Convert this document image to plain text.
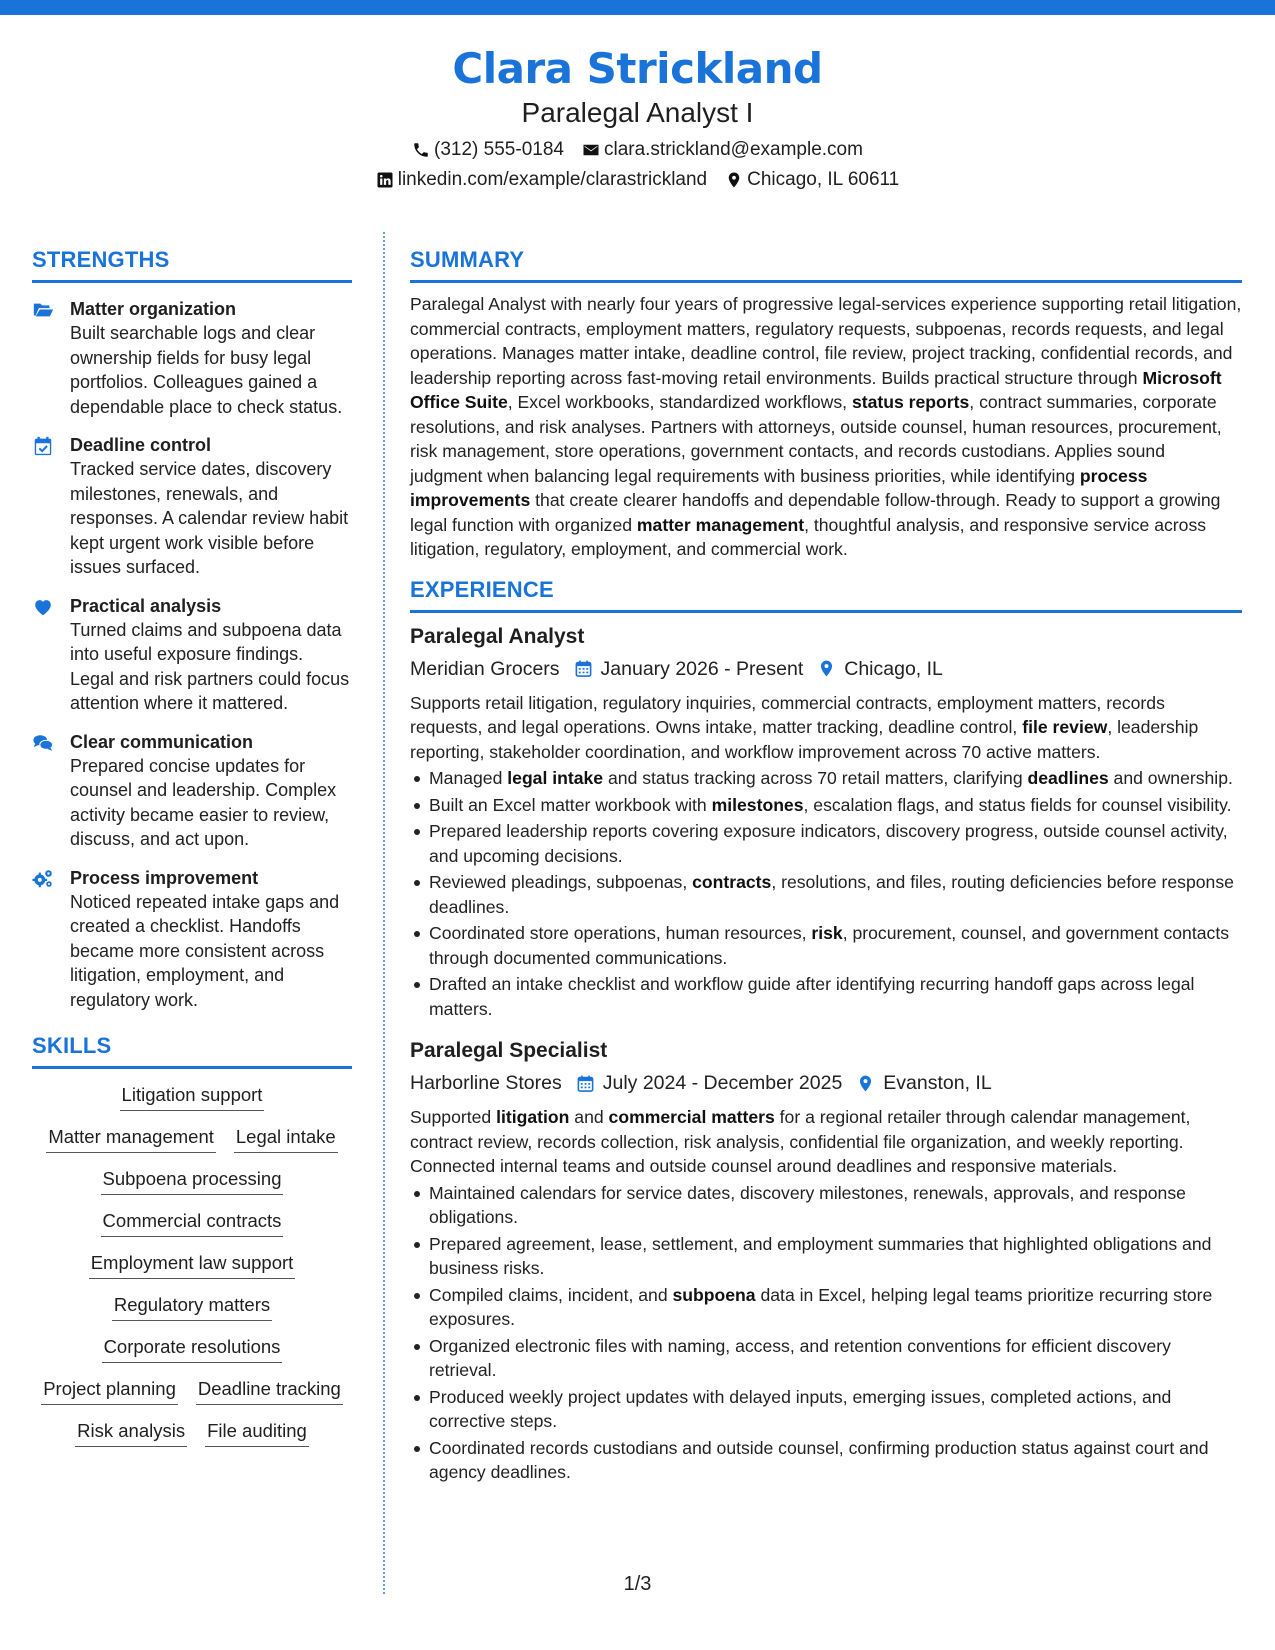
Clara Strickland
Paralegal Analyst I
(312) 555-0184 clara.strickland@example.com
linkedin.com/example/clarastrickland Chicago, IL 60611
STRENGTHS
Matter organization
Built searchable logs and clear ownership fields for busy legal portfolios. Colleagues gained a dependable place to check status.
Deadline control
Tracked service dates, discovery milestones, renewals, and responses. A calendar review habit kept urgent work visible before issues surfaced.
Practical analysis
Turned claims and subpoena data into useful exposure findings. Legal and risk partners could focus attention where it mattered.
Clear communication
Prepared concise updates for counsel and leadership. Complex activity became easier to review, discuss, and act upon.
Process improvement
Noticed repeated intake gaps and created a checklist. Handoffs became more consistent across litigation, employment, and regulatory work.
SKILLS
Litigation support
Matter management Legal intake
Subpoena processing
Commercial contracts
Employment law support
Regulatory matters
Corporate resolutions
Project planning Deadline tracking
Risk analysis File auditing
SUMMARY
Paralegal Analyst with nearly four years of progressive legal-services experience supporting retail litigation, commercial contracts, employment matters, regulatory requests, subpoenas, records requests, and legal operations. Manages matter intake, deadline control, file review, project tracking, confidential records, and leadership reporting across fast-moving retail environments. Builds practical structure through Microsoft Office Suite, Excel workbooks, standardized workflows, status reports, contract summaries, corporate resolutions, and risk analyses. Partners with attorneys, outside counsel, human resources, procurement, risk management, store operations, government contacts, and records custodians. Applies sound judgment when balancing legal requirements with business priorities, while identifying process improvements that create clearer handoffs and dependable follow-through. Ready to support a growing legal function with organized matter management, thoughtful analysis, and responsive service across litigation, regulatory, employment, and commercial work.
EXPERIENCE
Paralegal Analyst
Meridian Grocers January 2026 - Present Chicago, IL
Supports retail litigation, regulatory inquiries, commercial contracts, employment matters, records requests, and legal operations. Owns intake, matter tracking, deadline control, file review, leadership reporting, stakeholder coordination, and workflow improvement across 70 active matters.
Managed legal intake and status tracking across 70 retail matters, clarifying deadlines and ownership.
Built an Excel matter workbook with milestones, escalation flags, and status fields for counsel visibility.
Prepared leadership reports covering exposure indicators, discovery progress, outside counsel activity, and upcoming decisions.
Reviewed pleadings, subpoenas, contracts, resolutions, and files, routing deficiencies before response deadlines.
Coordinated store operations, human resources, risk, procurement, counsel, and government contacts through documented communications.
Drafted an intake checklist and workflow guide after identifying recurring handoff gaps across legal matters.
Paralegal Specialist
Harborline Stores July 2024 - December 2025 Evanston, IL
Supported litigation and commercial matters for a regional retailer through calendar management, contract review, records collection, risk analysis, confidential file organization, and weekly reporting. Connected internal teams and outside counsel around deadlines and responsive materials.
Maintained calendars for service dates, discovery milestones, renewals, approvals, and response obligations.
Prepared agreement, lease, settlement, and employment summaries that highlighted obligations and business risks.
Compiled claims, incident, and subpoena data in Excel, helping legal teams prioritize recurring store exposures.
Organized electronic files with naming, access, and retention conventions for efficient discovery retrieval.
Produced weekly project updates with delayed inputs, emerging issues, completed actions, and corrective steps.
Coordinated records custodians and outside counsel, confirming production status against court and agency deadlines.
1/3
